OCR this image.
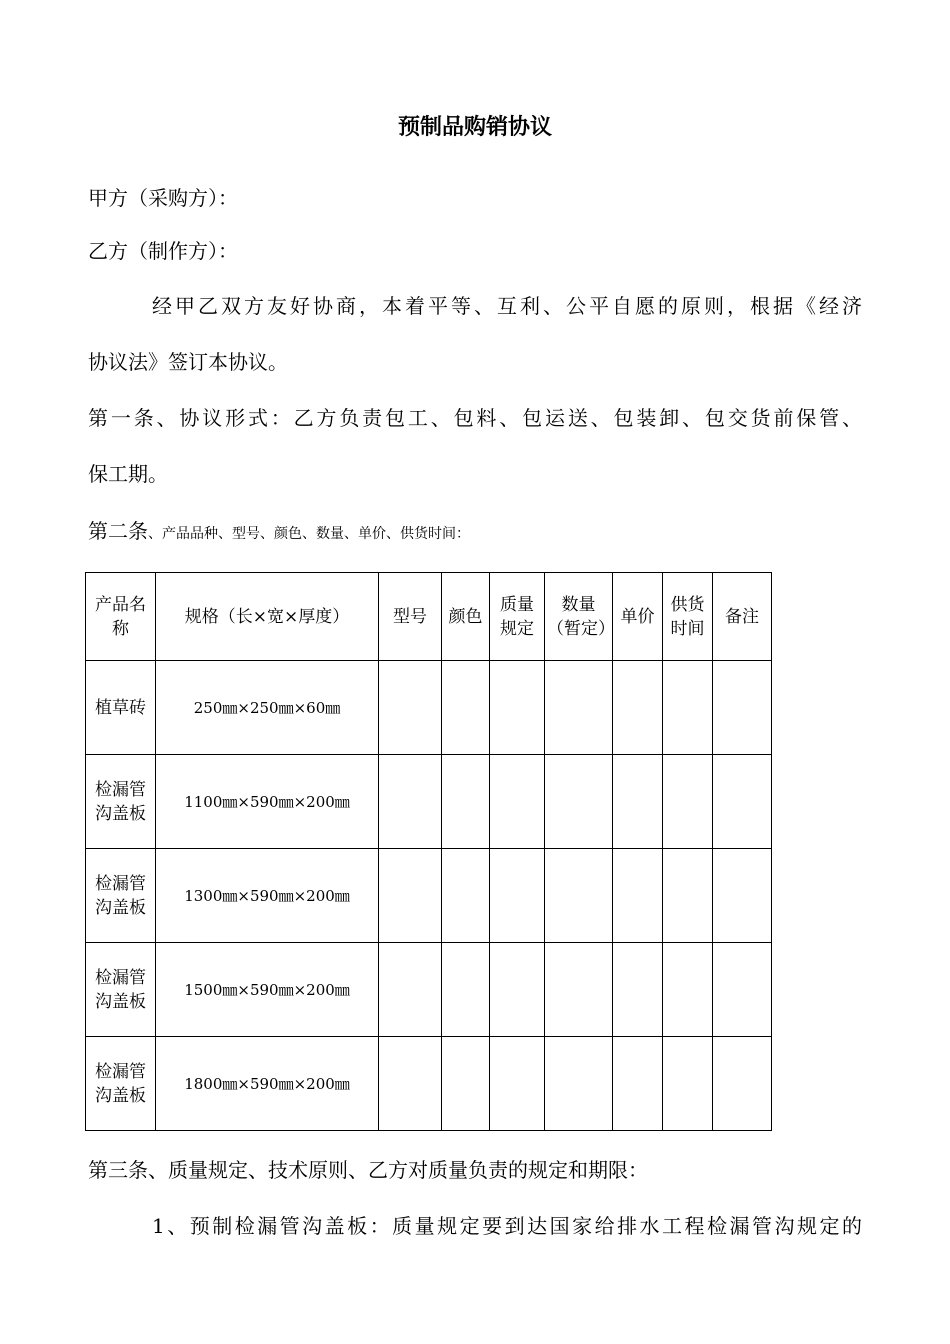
预制品购销协议
甲方（采购方）：
乙方（制作方）：
经甲乙双方友好协商，本着平等、互利、公平自愿的原则，根据《经济
协议法》签订本协议。
第一条、协议形式：乙方负责包工、包料、包运送、包装卸、包交货前保管、
保工期。
第二条、产品品种、型号、颜色、数量、单价、供货时间：
产品名称	规格（长×宽×厚度）	型号	颜色	质量规定	数量（暂定）	单价	供货时间	备注
植草砖	250㎜×250㎜×60㎜							
检漏管沟盖板	1100㎜×590㎜×200㎜							
检漏管沟盖板	1300㎜×590㎜×200㎜							
检漏管沟盖板	1500㎜×590㎜×200㎜							
检漏管沟盖板	1800㎜×590㎜×200㎜							
第三条、质量规定、技术原则、乙方对质量负责的规定和期限：
1、预制检漏管沟盖板：质量规定要到达国家给排水工程检漏管沟规定的
